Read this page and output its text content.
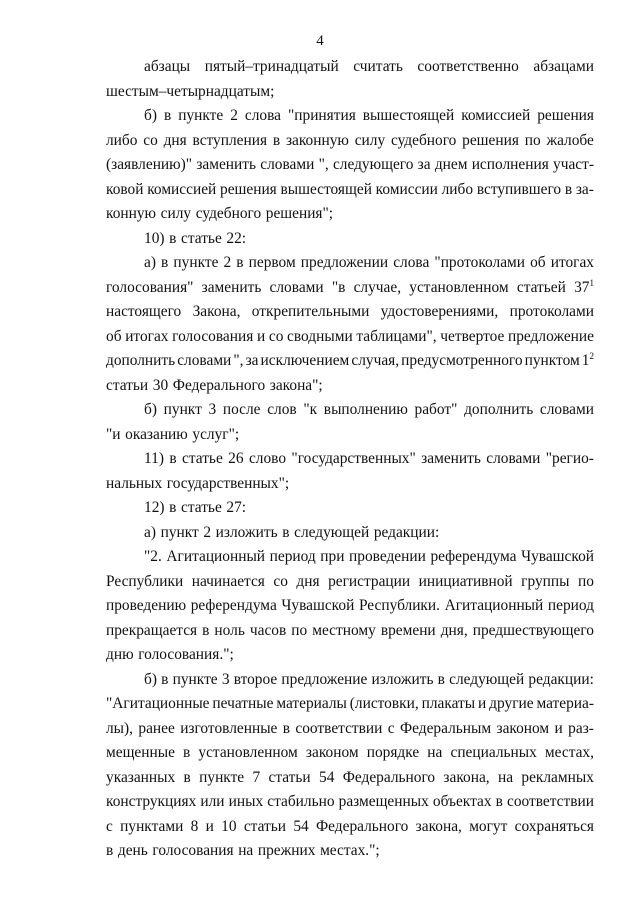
4
абзацы пятый–тринадцатый считать соответственно абзацами
шестым–четырнадцатым;
б) в пункте 2 слова "принятия вышестоящей комиссией решения
либо со дня вступления в законную силу судебного решения по жалобе
(заявлению)" заменить словами ", следующего за днем исполнения участ-
ковой комиссией решения вышестоящей комиссии либо вступившего в за-
конную силу судебного решения";
10) в статье 22:
а) в пункте 2 в первом предложении слова "протоколами об итогах
голосования" заменить словами "в случае, установленном статьей $37^1$
настоящего Закона, открепительными удостоверениями, протоколами
об итогах голосования и со сводными таблицами", четвертое предложение
дополнить словами ", за исключением случая, предусмотренного пунктом $1^2$
статьи 30 Федерального закона";
б) пункт 3 после слов "к выполнению работ" дополнить словами
"и оказанию услуг";
11) в статье 26 слово "государственных" заменить словами "регио-
нальных государственных";
12) в статье 27:
а) пункт 2 изложить в следующей редакции:
"2. Агитационный период при проведении референдума Чувашской
Республики начинается со дня регистрации инициативной группы по
проведению референдума Чувашской Республики. Агитационный период
прекращается в ноль часов по местному времени дня, предшествующего
дню голосования.";
б) в пункте 3 второе предложение изложить в следующей редакции:
"Агитационные печатные материалы (листовки, плакаты и другие материа-
лы), ранее изготовленные в соответствии с Федеральным законом и раз-
мещенные в установленном законом порядке на специальных местах,
указанных в пункте 7 статьи 54 Федерального закона, на рекламных
конструкциях или иных стабильно размещенных объектах в соответствии
с пунктами 8 и 10 статьи 54 Федерального закона, могут сохраняться
в день голосования на прежних местах.";
